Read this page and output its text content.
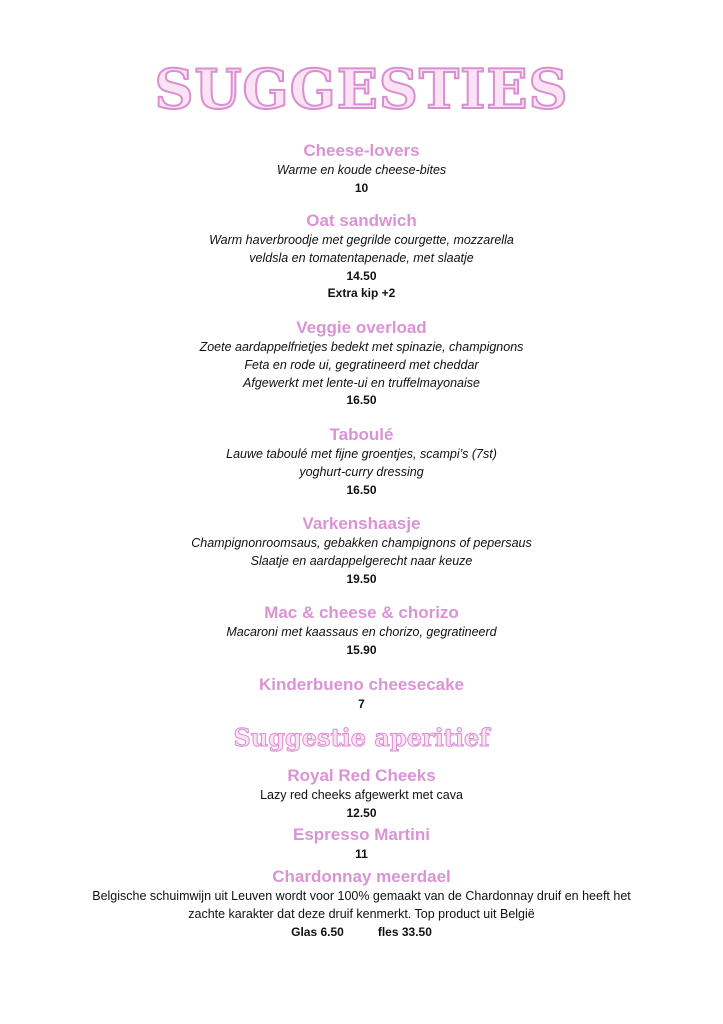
SUGGESTIES

Cheese-lovers

Warme en koude cheese-bites

10

Oat sandwich

Warm haverbroodje met gegrilde courgette, mozzarella

veldsla en tomatentapenade, met slaatje

14.50

Extra kip +2

Veggie overload

Zoete aardappelfrietjes bedekt met spinazie, champignons

Feta en rode ui, gegratineerd met cheddar

Afgewerkt met lente-ui en truffelmayonaise

16.50

Taboulé

Lauwe taboulé met fijne groentjes, scampi’s (7st)

yoghurt-curry dressing

16.50

Varkenshaasje

Champignonroomsaus, gebakken champignons of pepersaus

Slaatje en aardappelgerecht naar keuze

19.50

Mac & cheese & chorizo

Macaroni met kaassaus en chorizo, gegratineerd

15.90

Kinderbueno cheesecake

7

Suggestie aperitief

Royal Red Cheeks

Lazy red cheeks afgewerkt met cava

12.50

Espresso Martini

11

Chardonnay meerdael

Belgische schuimwijn uit Leuven wordt voor 100% gemaakt van de Chardonnay druif en heeft het

zachte karakter dat deze druif kenmerkt. Top product uit België

Glas 6.50	fles 33.50
